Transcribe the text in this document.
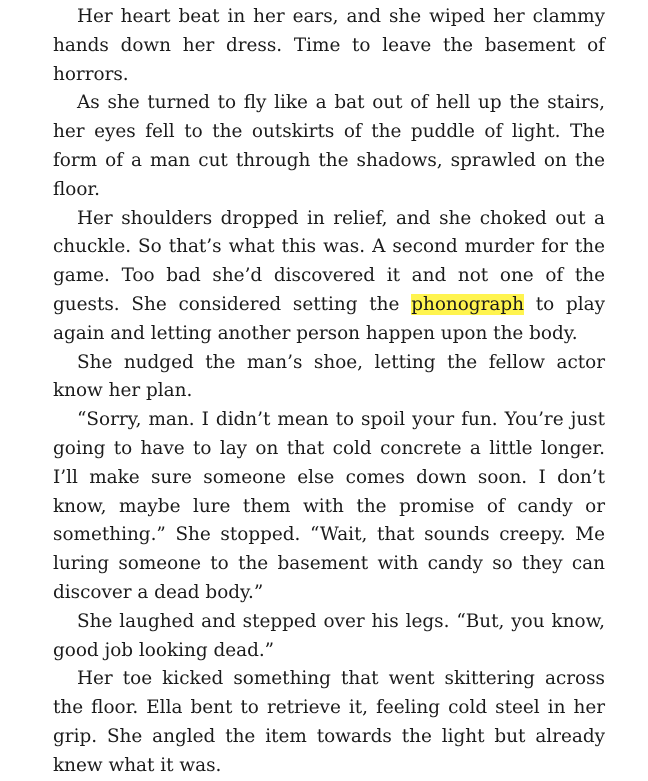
Her heart beat in her ears, and she wiped her clammy hands down her dress. Time to leave the basement of horrors.

As she turned to fly like a bat out of hell up the stairs, her eyes fell to the outskirts of the puddle of light. The form of a man cut through the shadows, sprawled on the floor.

Her shoulders dropped in relief, and she choked out a chuckle. So that’s what this was. A second murder for the game. Too bad she’d discovered it and not one of the guests. She considered setting the phonograph to play again and letting another person happen upon the body.

She nudged the man’s shoe, letting the fellow actor know her plan.

“Sorry, man. I didn’t mean to spoil your fun. You’re just going to have to lay on that cold concrete a little longer. I’ll make sure someone else comes down soon. I don’t know, maybe lure them with the promise of candy or something.” She stopped. “Wait, that sounds creepy. Me luring someone to the basement with candy so they can discover a dead body.”

She laughed and stepped over his legs. “But, you know, good job looking dead.”

Her toe kicked something that went skittering across the floor. Ella bent to retrieve it, feeling cold steel in her grip. She angled the item towards the light but already knew what it was.
